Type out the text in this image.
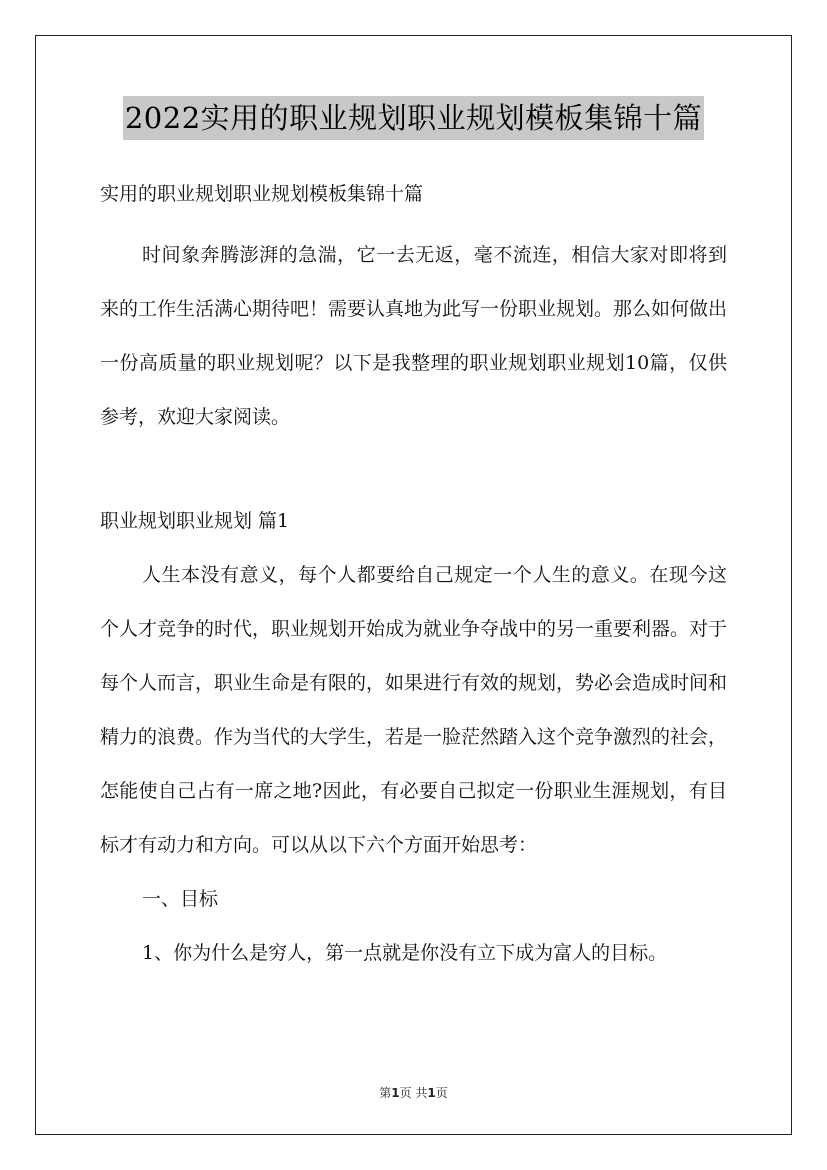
2022实用的职业规划职业规划模板集锦十篇

实用的职业规划职业规划模板集锦十篇

时间象奔腾澎湃的急湍，它一去无返，毫不流连，相信大家对即将到来的工作生活满心期待吧！需要认真地为此写一份职业规划。那么如何做出一份高质量的职业规划呢？以下是我整理的职业规划职业规划10篇，仅供参考，欢迎大家阅读。

职业规划职业规划 篇1

人生本没有意义，每个人都要给自己规定一个人生的意义。在现今这个人才竞争的时代，职业规划开始成为就业争夺战中的另一重要利器。对于每个人而言，职业生命是有限的，如果进行有效的规划，势必会造成时间和精力的浪费。作为当代的大学生，若是一脸茫然踏入这个竞争激烈的社会，怎能使自己占有一席之地?因此，有必要自己拟定一份职业生涯规划，有目标才有动力和方向。可以从以下六个方面开始思考：

一、目标

1、你为什么是穷人，第一点就是你没有立下成为富人的目标。

第1页 共1页
